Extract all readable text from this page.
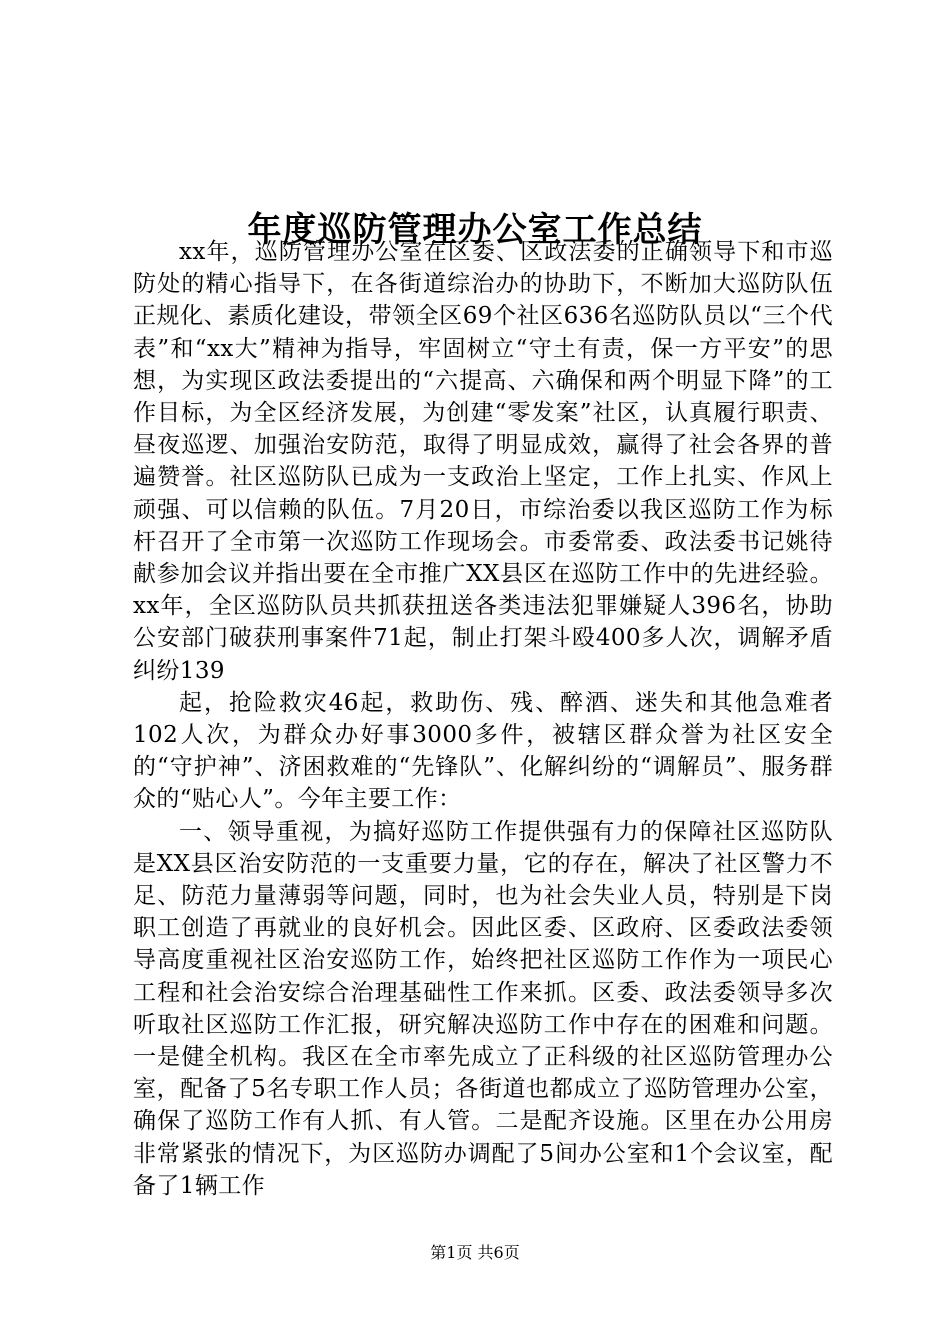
年度巡防管理办公室工作总结

xx年，巡防管理办公室在区委、区政法委的正确领导下和市巡防处的精心指导下，在各街道综治办的协助下，不断加大巡防队伍正规化、素质化建设，带领全区69个社区636名巡防队员以“三个代表”和“xx大”精神为指导，牢固树立“守土有责，保一方平安”的思想，为实现区政法委提出的“六提高、六确保和两个明显下降”的工作目标，为全区经济发展，为创建“零发案”社区，认真履行职责、昼夜巡逻、加强治安防范，取得了明显成效，赢得了社会各界的普遍赞誉。社区巡防队已成为一支政治上坚定，工作上扎实、作风上顽强、可以信赖的队伍。7月20日，市综治委以我区巡防工作为标杆召开了全市第一次巡防工作现场会。市委常委、政法委书记姚待献参加会议并指出要在全市推广XX县区在巡防工作中的先进经验。xx年，全区巡防队员共抓获扭送各类违法犯罪嫌疑人396名，协助公安部门破获刑事案件71起，制止打架斗殴400多人次，调解矛盾纠纷139

起，抢险救灾46起，救助伤、残、醉酒、迷失和其他急难者102人次，为群众办好事3000多件，被辖区群众誉为社区安全的“守护神”、济困救难的“先锋队”、化解纠纷的“调解员”、服务群众的“贴心人”。今年主要工作：

一、领导重视，为搞好巡防工作提供强有力的保障社区巡防队是XX县区治安防范的一支重要力量，它的存在，解决了社区警力不足、防范力量薄弱等问题，同时，也为社会失业人员，特别是下岗职工创造了再就业的良好机会。因此区委、区政府、区委政法委领导高度重视社区治安巡防工作，始终把社区巡防工作作为一项民心工程和社会治安综合治理基础性工作来抓。区委、政法委领导多次听取社区巡防工作汇报，研究解决巡防工作中存在的困难和问题。一是健全机构。我区在全市率先成立了正科级的社区巡防管理办公室，配备了5名专职工作人员；各街道也都成立了巡防管理办公室，确保了巡防工作有人抓、有人管。二是配齐设施。区里在办公用房非常紧张的情况下，为区巡防办调配了5间办公室和1个会议室，配备了1辆工作

第1页 共6页
